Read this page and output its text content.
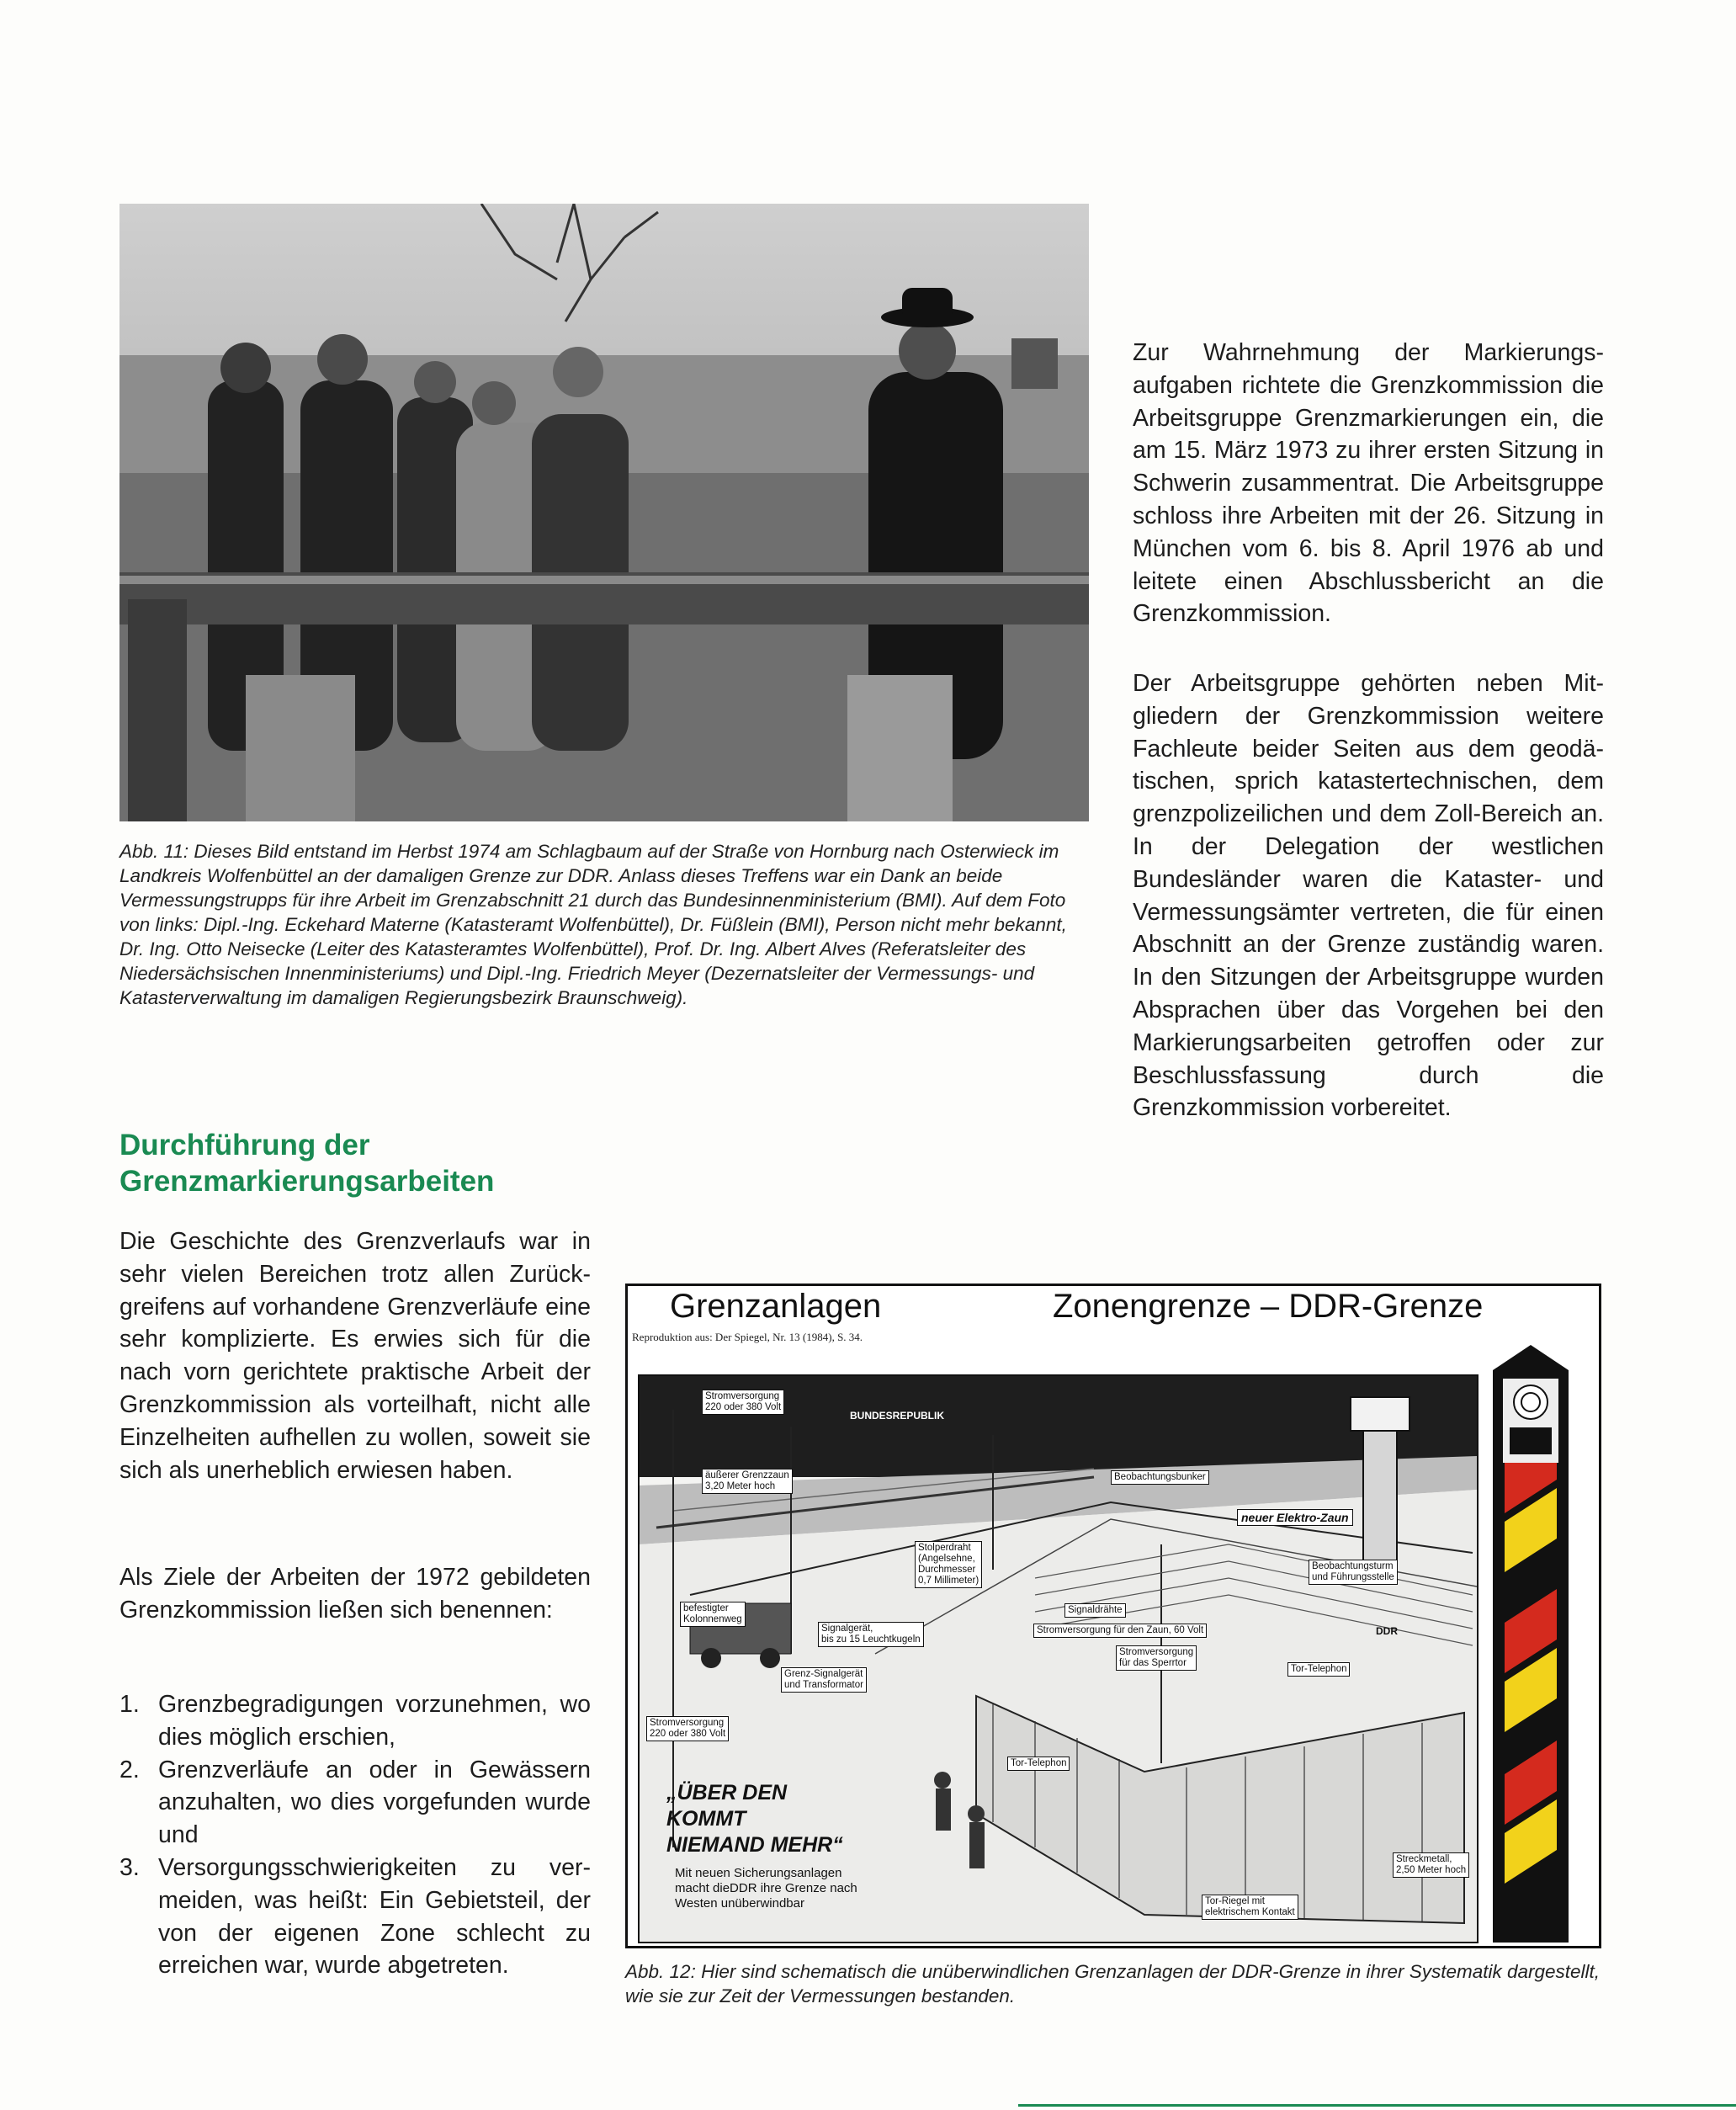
Abb. 11: Dieses Bild entstand im Herbst 1974 am Schlagbaum auf der Straße von Hornburg nach Osterwieck im Landkreis Wolfenbüttel an der damaligen Grenze zur DDR. Anlass dieses Treffens war ein Dank an beide Vermessungstrupps für ihre Arbeit im Grenzabschnitt 21 durch das Bundesinnenministerium (BMI). Auf dem Foto von links: Dipl.-Ing. Eckehard Materne (Katasteramt Wolfenbüttel), Dr. Füßlein (BMI), Person nicht mehr bekannt, Dr. Ing. Otto Neisecke (Leiter des Katasteramtes Wolfenbüttel), Prof. Dr. Ing. Albert Alves (Referatsleiter des Niedersächsischen Innenministeriums) und Dipl.-Ing. Friedrich Meyer (Dezernatsleiter der Vermessungs- und Katasterverwaltung im damaligen Regierungsbezirk Braunschweig).

Zur Wahrnehmung der Markierungsaufgaben richtete die Grenzkommission die Arbeitsgruppe Grenzmarkierungen ein, die am 15. März 1973 zu ihrer ersten Sitzung in Schwerin zusammentrat. Die Arbeitsgruppe schloss ihre Arbeiten mit der 26. Sitzung in München vom 6. bis 8. April 1976 ab und leitete einen Abschlussbericht an die Grenzkommission.

Der Arbeitsgruppe gehörten neben Mitgliedern der Grenzkommission weitere Fachleute beider Seiten aus dem geodätischen, sprich katastertechnischen, dem grenzpolizeilichen und dem Zoll-Bereich an. In der Delegation der westlichen Bundesländer waren die Kataster- und Vermessungsämter vertreten, die für einen Abschnitt an der Grenze zuständig waren. In den Sitzungen der Arbeitsgruppe wurden Absprachen über das Vorgehen bei den Markierungsarbeiten getroffen oder zur Beschlussfassung durch die Grenzkommission vorbereitet.

Durchführung der Grenzmarkierungsarbeiten

Die Geschichte des Grenzverlaufs war in sehr vielen Bereichen trotz allen Zurückgreifens auf vorhandene Grenzverläufe eine sehr komplizierte. Es erwies sich für die nach vorn gerichtete praktische Arbeit der Grenzkommission als vorteilhaft, nicht alle Einzelheiten aufhellen zu wollen, soweit sie sich als unerheblich erwiesen haben.

Als Ziele der Arbeiten der 1972 gebildeten Grenzkommission ließen sich benennen:

1. Grenzbegradigungen vorzunehmen, wo dies möglich erschien,
2. Grenzverläufe an oder in Gewässern anzuhalten, wo dies vorgefunden wurde und
3. Versorgungsschwierigkeiten zu vermeiden, was heißt: Ein Gebietsteil, der von der eigenen Zone schlecht zu erreichen war, wurde abgetreten.
Grenzanlagen	Zonengrenze – DDR-Grenze
Reproduktion aus: Der Spiegel, Nr. 13 (1984), S. 34.
Stromversorgung
220 oder 380 Volt
BUNDESREPUBLIK
äußerer Grenzzaun
3,20 Meter hoch
Beobachtungsbunker
neuer Elektro-Zaun
Stolperdraht
(Angelsehne,
Durchmesser
0,7 Millimeter)
Beobachtungsturm
und Führungsstelle
befestigter
Kolonnenweg
Signaldrähte
Signalgerät,
bis zu 15 Leuchtkugeln
Stromversorgung für den Zaun, 60 Volt	DDR
Stromversorgung
für das Sperrtor
Tor-Telephon
Grenz-Signalgerät
und Transformator
Stromversorgung
220 oder 380 Volt
Tor-Telephon
Streckmetall,
2,50 Meter hoch
Tor-Riegel mit
elektrischem Kontakt
„ÜBER DEN
KOMMT
NIEMAND MEHR“
Mit neuen Sicherungsanlagen
macht dieDDR ihre Grenze nach
Westen unüberwindbar

Abb. 12: Hier sind schematisch die unüberwindlichen Grenzanlagen der DDR-Grenze in ihrer Systematik dargestellt, wie sie zur Zeit der Vermessungen bestanden.
